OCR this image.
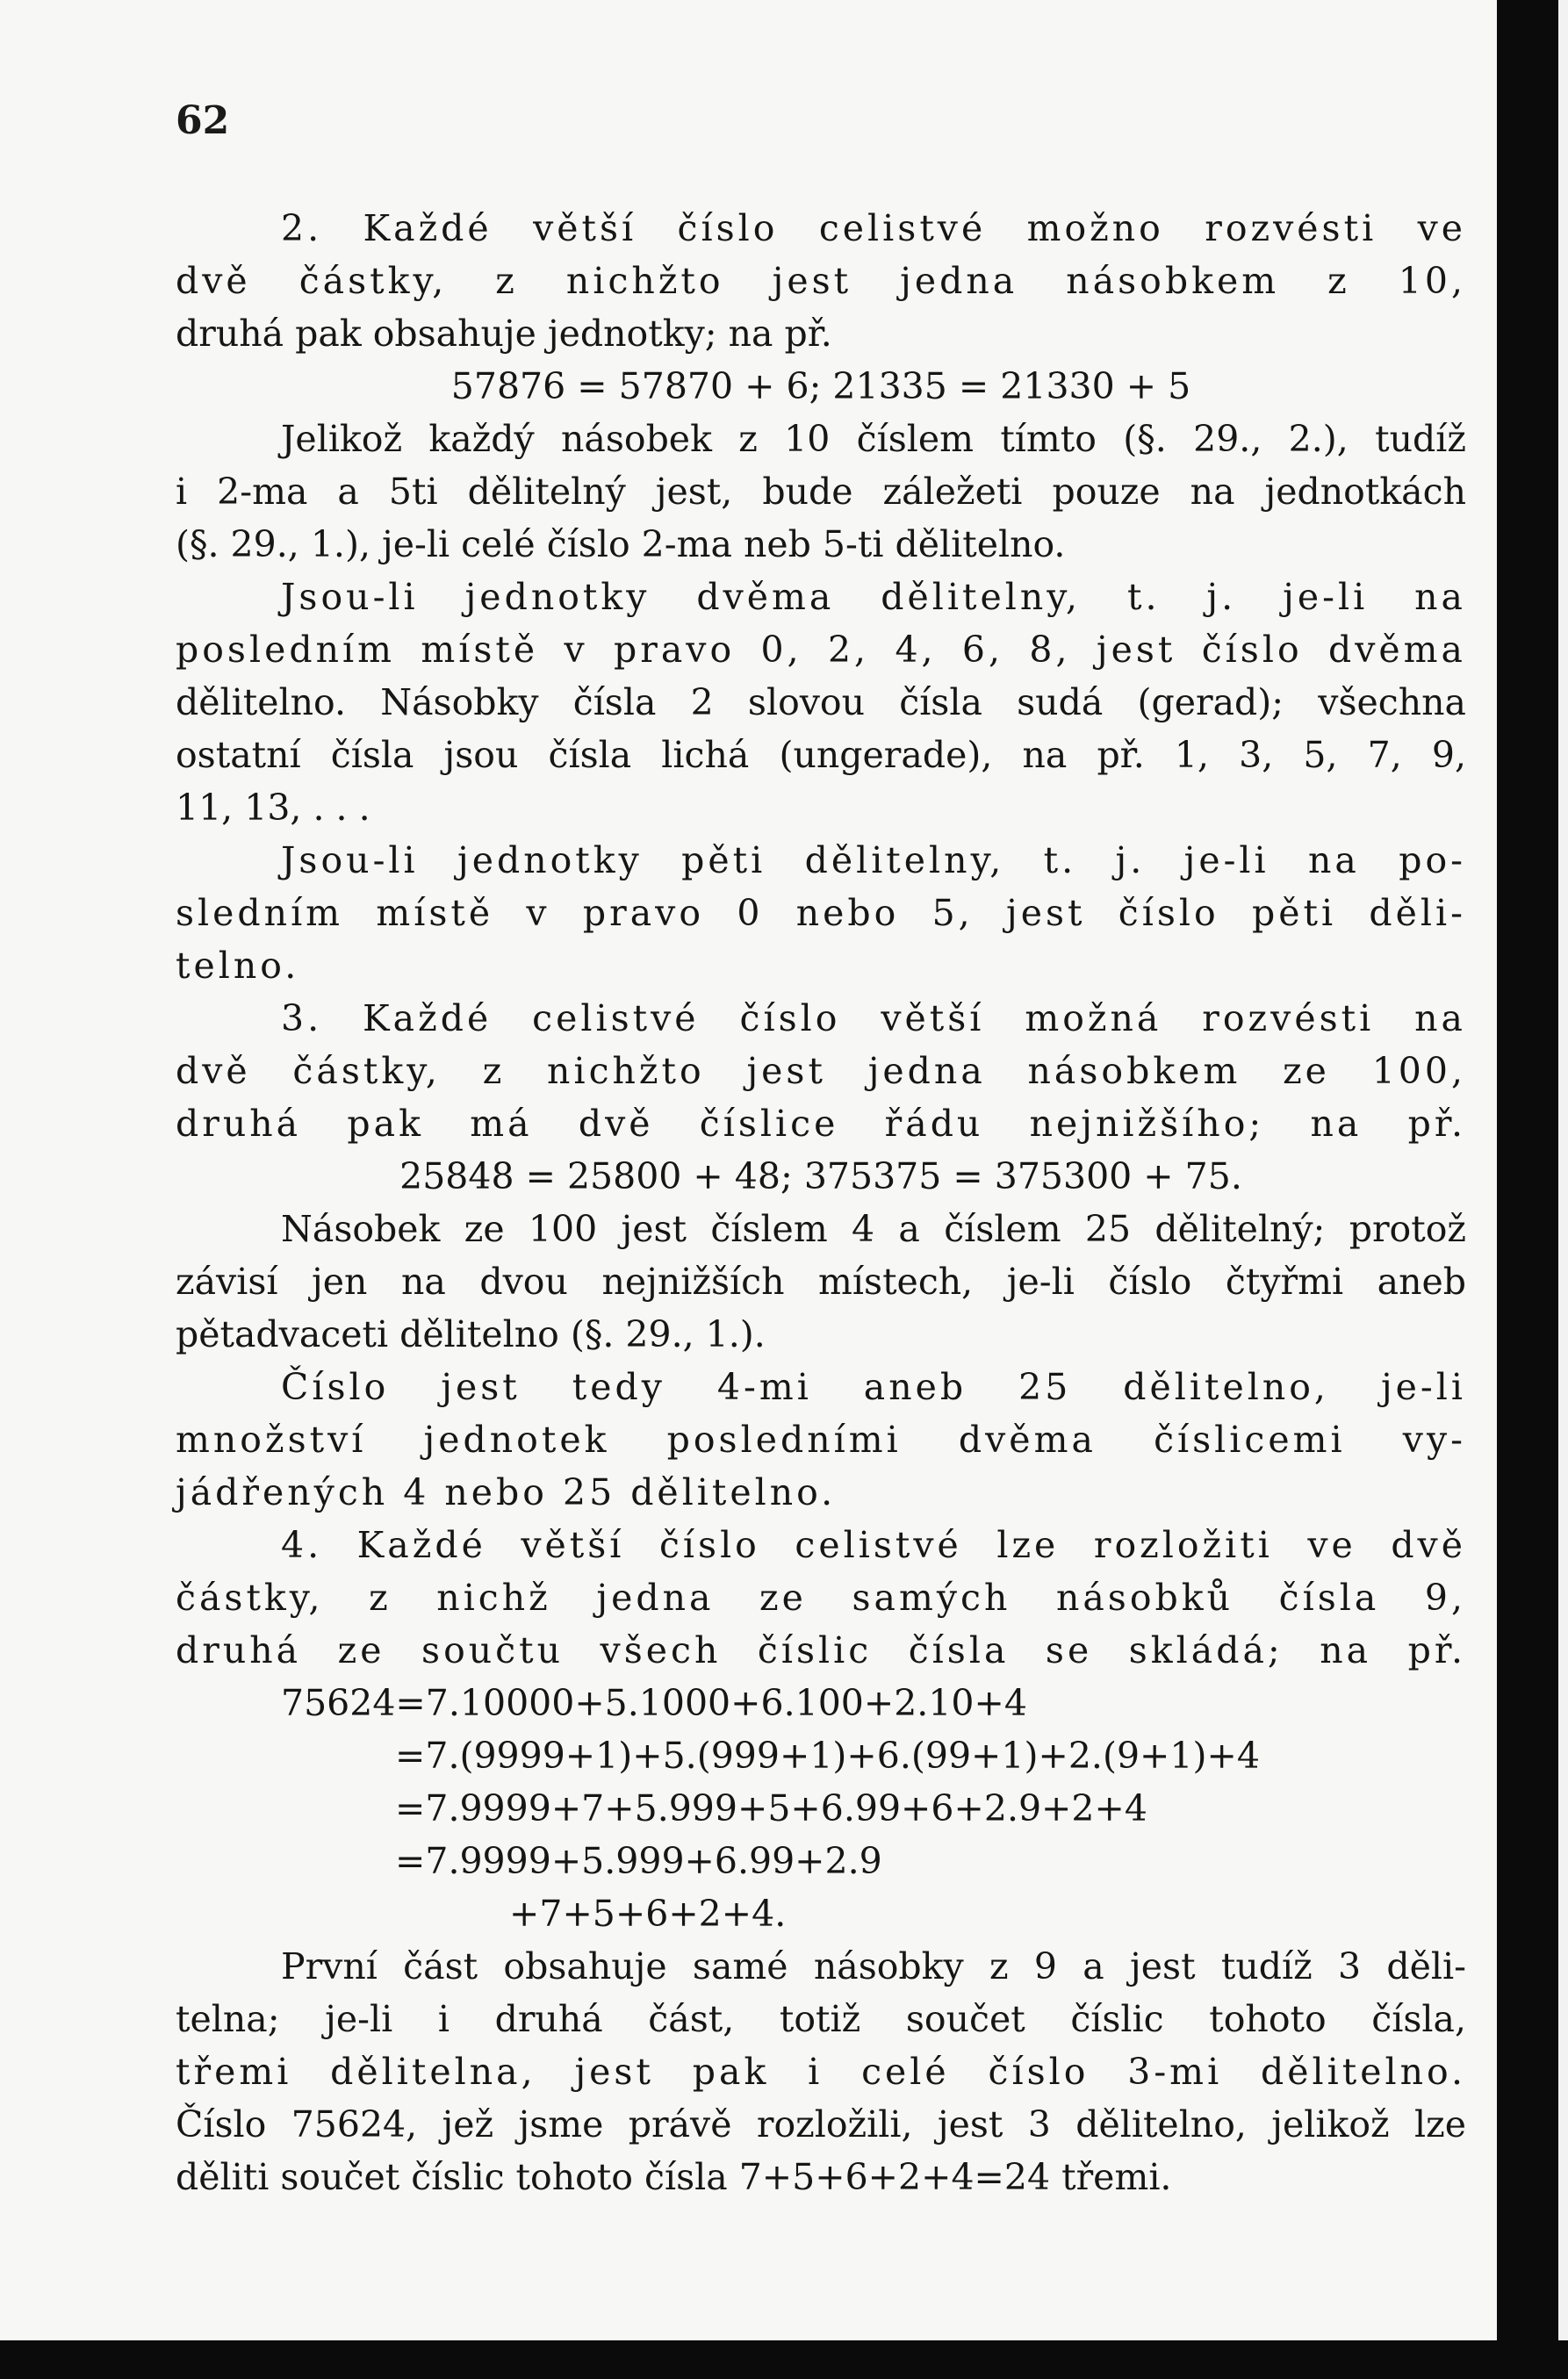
62
2. Každé větší číslo celistvé možno rozvésti ve
dvě částky, z nichžto jest jedna násobkem z 10,
druhá pak obsahuje jednotky; na př.
57876 = 57870 + 6; 21335 = 21330 + 5
Jelikož každý násobek z 10 číslem tímto (§. 29., 2.), tudíž
i 2-ma a 5ti dělitelný jest, bude záležeti pouze na jednotkách
(§. 29., 1.), je-li celé číslo 2-ma neb 5-ti dělitelno.
Jsou-li jednotky dvěma dělitelny, t. j. je-li na
posledním místě v pravo 0, 2, 4, 6, 8, jest číslo dvěma
dělitelno. Násobky čísla 2 slovou čísla sudá (gerad); všechna
ostatní čísla jsou čísla lichá (ungerade), na př. 1, 3, 5, 7, 9,
11, 13, . . .
Jsou-li jednotky pěti dělitelny, t. j. je-li na po-
sledním místě v pravo 0 nebo 5, jest číslo pěti děli-
telno.
3. Každé celistvé číslo větší možná rozvésti na
dvě částky, z nichžto jest jedna násobkem ze 100,
druhá pak má dvě číslice řádu nejnižšího; na př.
25848 = 25800 + 48; 375375 = 375300 + 75.
Násobek ze 100 jest číslem 4 a číslem 25 dělitelný; protož
závisí jen na dvou nejnižších místech, je-li číslo čtyřmi aneb
pětadvaceti dělitelno (§. 29., 1.).
Číslo jest tedy 4-mi aneb 25 dělitelno, je-li
množství jednotek posledními dvěma číslicemi vy-
jádřených 4 nebo 25 dělitelno.
4. Každé větší číslo celistvé lze rozložiti ve dvě
částky, z nichž jedna ze samých násobků čísla 9,
druhá ze součtu všech číslic čísla se skládá; na př.
75624=7.10000+5.1000+6.100+2.10+4
=7.(9999+1)+5.(999+1)+6.(99+1)+2.(9+1)+4
=7.9999+7+5.999+5+6.99+6+2.9+2+4
=7.9999+5.999+6.99+2.9
+7+5+6+2+4.
První část obsahuje samé násobky z 9 a jest tudíž 3 děli-
telna; je-li i druhá část, totiž součet číslic tohoto čísla,
třemi dělitelna, jest pak i celé číslo 3-mi dělitelno.
Číslo 75624, jež jsme právě rozložili, jest 3 dělitelno, jelikož lze
děliti součet číslic tohoto čísla 7+5+6+2+4=24 třemi.
